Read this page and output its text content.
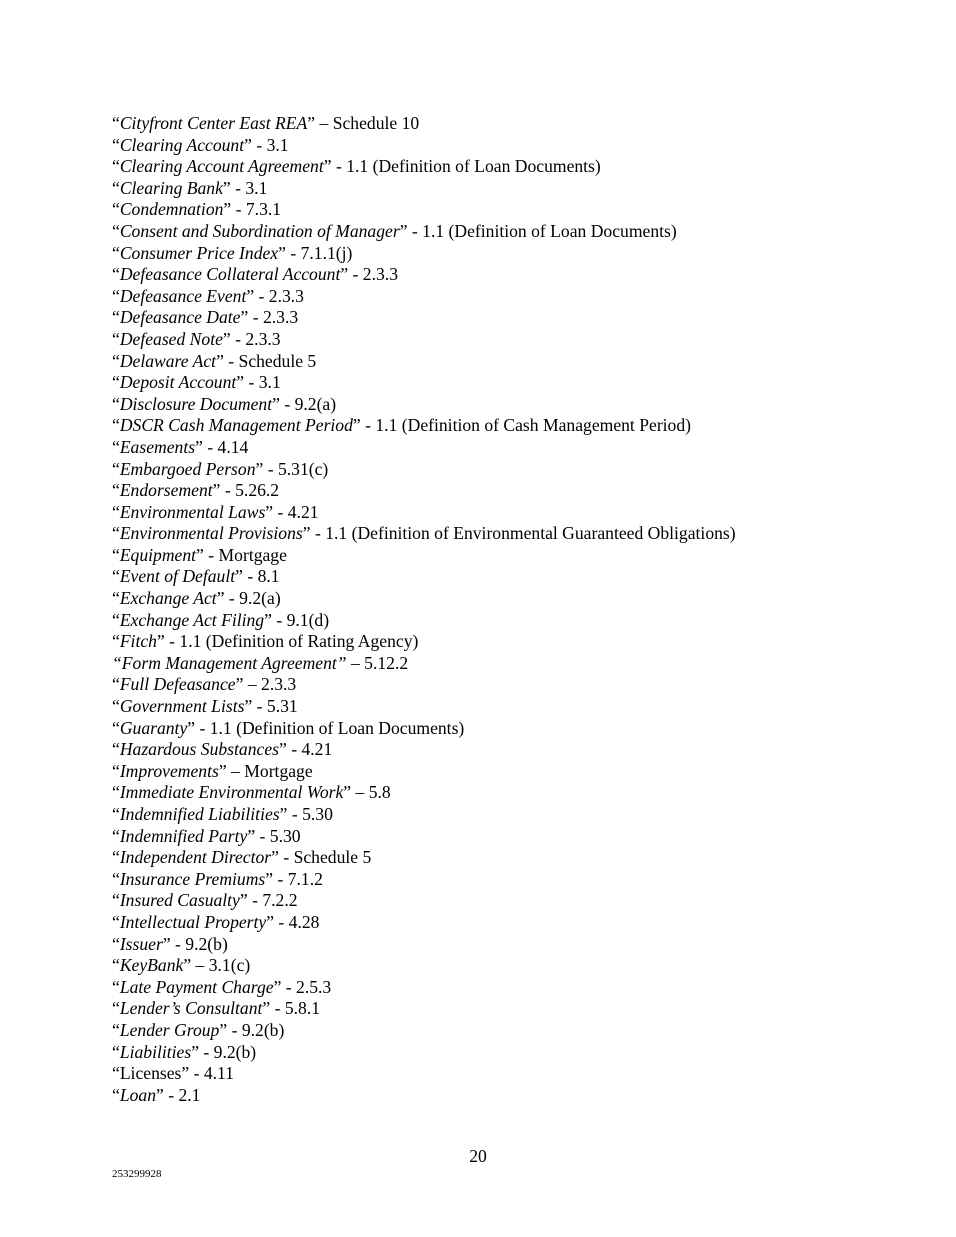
“Cityfront Center East REA” – Schedule 10
“Clearing Account” - 3.1
“Clearing Account Agreement” - 1.1 (Definition of Loan Documents)
“Clearing Bank” - 3.1
“Condemnation” - 7.3.1
“Consent and Subordination of Manager” - 1.1 (Definition of Loan Documents)
“Consumer Price Index” - 7.1.1(j)
“Defeasance Collateral Account” - 2.3.3
“Defeasance Event” - 2.3.3
“Defeasance Date” - 2.3.3
“Defeased Note” - 2.3.3
“Delaware Act” - Schedule 5
“Deposit Account” - 3.1
“Disclosure Document” - 9.2(a)
“DSCR Cash Management Period” - 1.1 (Definition of Cash Management Period)
“Easements” - 4.14
“Embargoed Person” - 5.31(c)
“Endorsement” - 5.26.2
“Environmental Laws” - 4.21
“Environmental Provisions” - 1.1 (Definition of Environmental Guaranteed Obligations)
“Equipment” - Mortgage
“Event of Default” - 8.1
“Exchange Act” - 9.2(a)
“Exchange Act Filing” - 9.1(d)
“Fitch” - 1.1 (Definition of Rating Agency)
“Form Management Agreement” – 5.12.2
“Full Defeasance” – 2.3.3
“Government Lists” - 5.31
“Guaranty” - 1.1 (Definition of Loan Documents)
“Hazardous Substances” - 4.21
“Improvements” – Mortgage
“Immediate Environmental Work” – 5.8
“Indemnified Liabilities” - 5.30
“Indemnified Party” - 5.30
“Independent Director” - Schedule 5
“Insurance Premiums” - 7.1.2
“Insured Casualty” - 7.2.2
“Intellectual Property” - 4.28
“Issuer” - 9.2(b)
“KeyBank” – 3.1(c)
“Late Payment Charge” - 2.5.3
“Lender’s Consultant” - 5.8.1
“Lender Group” - 9.2(b)
“Liabilities” - 9.2(b)
“Licenses” - 4.11
“Loan” - 2.1
20
253299928
